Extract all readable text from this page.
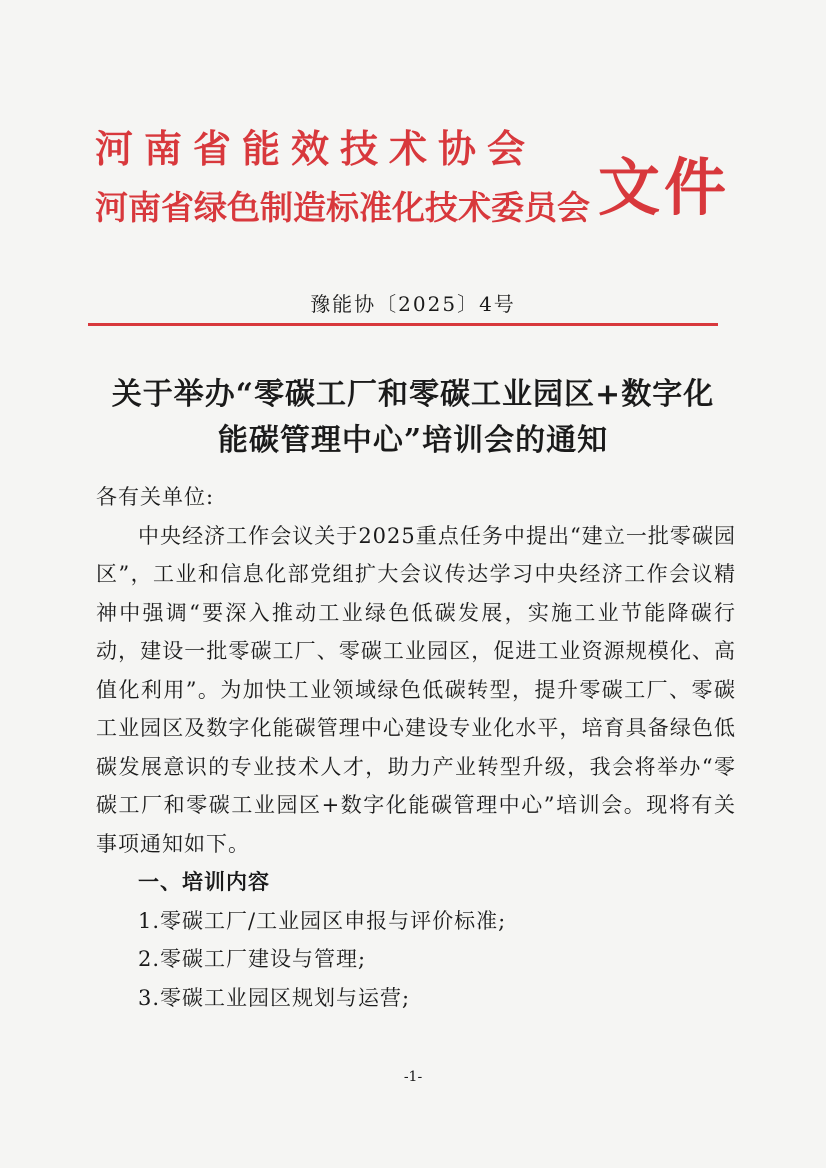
河南省能效技术协会
河南省绿色制造标准化技术委员会 文件
豫能协〔2025〕4号
关于举办“零碳工厂和零碳工业园区+数字化
能碳管理中心”培训会的通知

各有关单位:

中央经济工作会议关于2025重点任务中提出“建立一批零碳园区”，工业和信息化部党组扩大会议传达学习中央经济工作会议精神中强调“要深入推动工业绿色低碳发展，实施工业节能降碳行动，建设一批零碳工厂、零碳工业园区，促进工业资源规模化、高值化利用”。为加快工业领域绿色低碳转型，提升零碳工厂、零碳工业园区及数字化能碳管理中心建设专业化水平，培育具备绿色低碳发展意识的专业技术人才，助力产业转型升级，我会将举办“零碳工厂和零碳工业园区+数字化能碳管理中心”培训会。现将有关事项通知如下。

一、培训内容

1.零碳工厂/工业园区申报与评价标准;

2.零碳工厂建设与管理;

3.零碳工业园区规划与运营;

-1-
